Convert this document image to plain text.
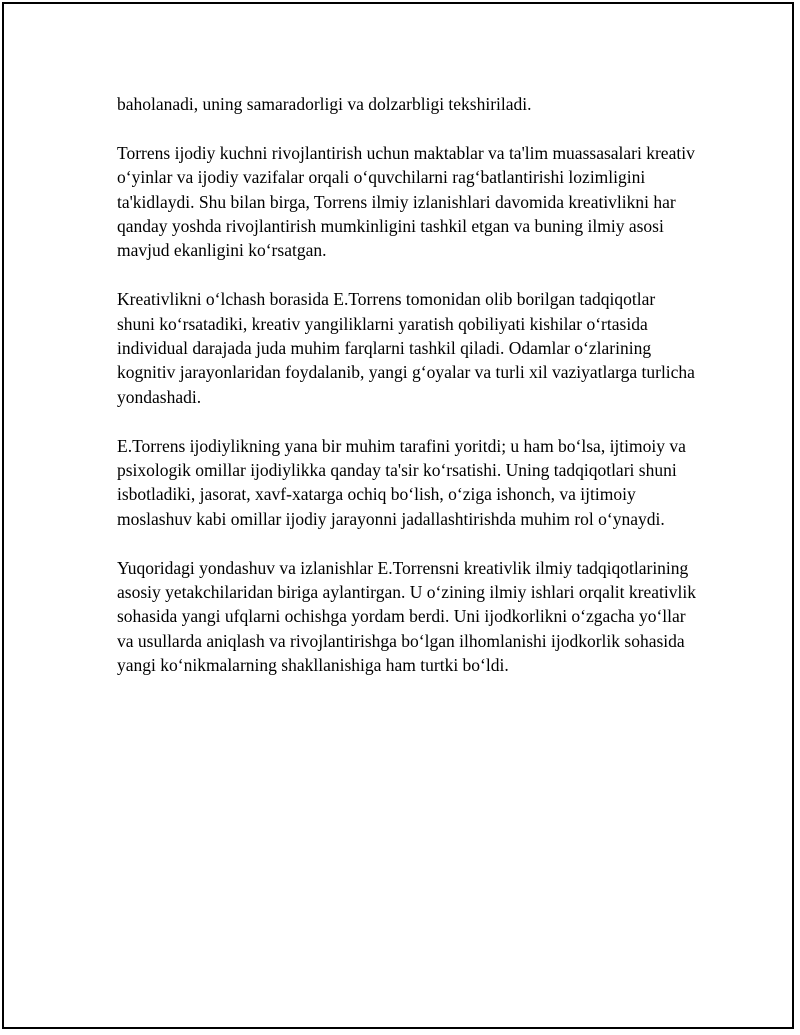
baholanadi, uning samaradorligi va dolzarbligi tekshiriladi.

Torrens ijodiy kuchni rivojlantirish uchun maktablar va ta'lim muassasalari kreativ o‘yinlar va ijodiy vazifalar orqali o‘quvchilarni rag‘batlantirishi lozimligini ta'kidlaydi. Shu bilan birga, Torrens ilmiy izlanishlari davomida kreativlikni har qanday yoshda rivojlantirish mumkinligini tashkil etgan va buning ilmiy asosi mavjud ekanligini ko‘rsatgan.

Kreativlikni o‘lchash borasida E.Torrens tomonidan olib borilgan tadqiqotlar shuni ko‘rsatadiki, kreativ yangiliklarni yaratish qobiliyati kishilar o‘rtasida individual darajada juda muhim farqlarni tashkil qiladi. Odamlar o‘zlarining kognitiv jarayonlaridan foydalanib, yangi g‘oyalar va turli xil vaziyatlarga turlicha yondashadi.

E.Torrens ijodiylikning yana bir muhim tarafini yoritdi; u ham bo‘lsa, ijtimoiy va psixologik omillar ijodiylikka qanday ta'sir ko‘rsatishi. Uning tadqiqotlari shuni isbotladiki, jasorat, xavf-xatarga ochiq bo‘lish, o‘ziga ishonch, va ijtimoiy moslashuv kabi omillar ijodiy jarayonni jadallashtirishda muhim rol o‘ynaydi.

Yuqoridagi yondashuv va izlanishlar E.Torrensni kreativlik ilmiy tadqiqotlarining asosiy yetakchilaridan biriga aylantirgan. U o‘zining ilmiy ishlari orqalit kreativlik sohasida yangi ufqlarni ochishga yordam berdi. Uni ijodkorlikni o‘zgacha yo‘llar va usullarda aniqlash va rivojlantirishga bo‘lgan ilhomlanishi ijodkorlik sohasida yangi ko‘nikmalarning shakllanishiga ham turtki bo‘ldi.
